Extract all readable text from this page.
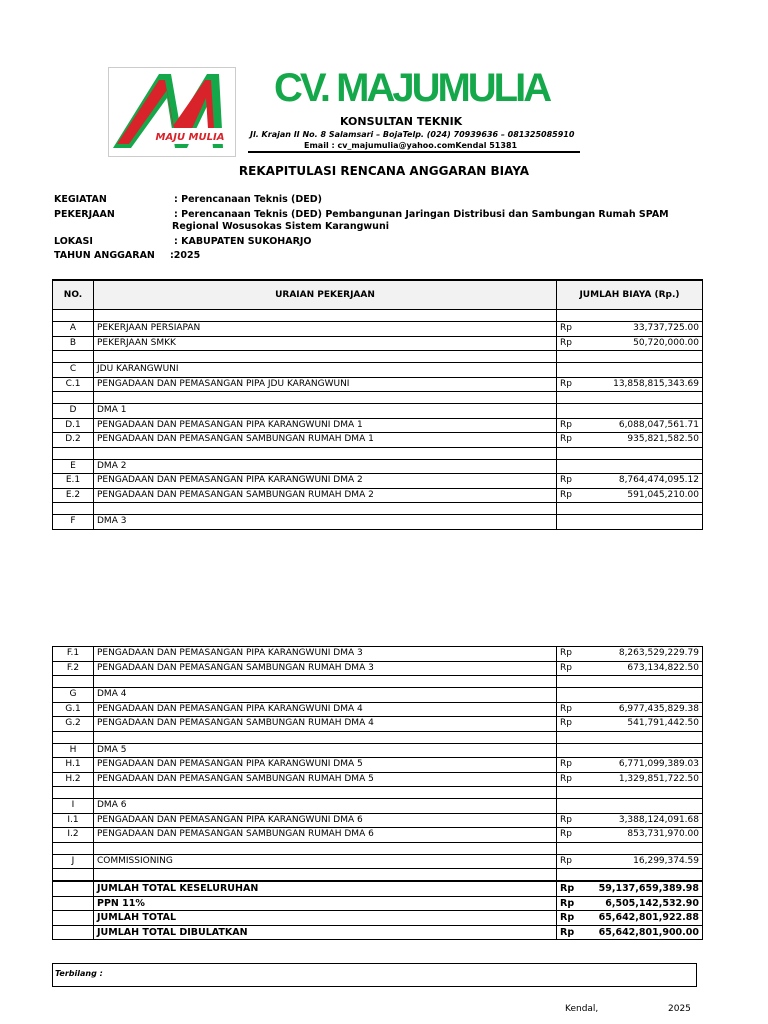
MAJU MULIA
CV. MAJUMULIA
KONSULTAN TEKNIK
Jl. Krajan II No. 8 Salamsari – BojaTelp. (024) 70939636 – 081325085910
Email : cv_majumulia@yahoo.comKendal 51381
REKAPITULASI RENCANA ANGGARAN BIAYA
KEGIATAN	: Perencanaan Teknis (DED)
PEKERJAAN	: Perencanaan Teknis (DED) Pembangunan Jaringan Distribusi dan Sambungan Rumah SPAM
Regional Wosusokas Sistem Karangwuni
LOKASI	: KABUPATEN SUKOHARJO
TAHUN ANGGARAN :2025
NO.	URAIAN PEKERJAAN	JUMLAH BIAYA (Rp.)	

A	PEKERJAAN PERSIAPAN	Rp	33,737,725.00
B	PEKERJAAN SMKK	Rp	50,720,000.00

C	JDU KARANGWUNI		
C.1	PENGADAAN DAN PEMASANGAN PIPA JDU KARANGWUNI	Rp	13,858,815,343.69

D	DMA 1		
D.1	PENGADAAN DAN PEMASANGAN PIPA KARANGWUNI DMA 1	Rp	6,088,047,561.71
D.2	PENGADAAN DAN PEMASANGAN SAMBUNGAN RUMAH DMA 1	Rp	935,821,582.50

E	DMA 2		
E.1	PENGADAAN DAN PEMASANGAN PIPA KARANGWUNI DMA 2	Rp	8,764,474,095.12
E.2	PENGADAAN DAN PEMASANGAN SAMBUNGAN RUMAH DMA 2	Rp	591,045,210.00

F	DMA 3		
F.1	PENGADAAN DAN PEMASANGAN PIPA KARANGWUNI DMA 3	Rp	8,263,529,229.79
F.2	PENGADAAN DAN PEMASANGAN SAMBUNGAN RUMAH DMA 3	Rp	673,134,822.50

G	DMA 4		
G.1	PENGADAAN DAN PEMASANGAN PIPA KARANGWUNI DMA 4	Rp	6,977,435,829.38
G.2	PENGADAAN DAN PEMASANGAN SAMBUNGAN RUMAH DMA 4	Rp	541,791,442.50

H	DMA 5		
H.1	PENGADAAN DAN PEMASANGAN PIPA KARANGWUNI DMA 5	Rp	6,771,099,389.03
H.2	PENGADAAN DAN PEMASANGAN SAMBUNGAN RUMAH DMA 5	Rp	1,329,851,722.50

I	DMA 6		
I.1	PENGADAAN DAN PEMASANGAN PIPA KARANGWUNI DMA 6	Rp	3,388,124,091.68
I.2	PENGADAAN DAN PEMASANGAN SAMBUNGAN RUMAH DMA 6	Rp	853,731,970.00

J	COMMISSIONING	Rp	16,299,374.59

	JUMLAH TOTAL KESELURUHAN	Rp	59,137,659,389.98
	PPN 11%	Rp	6,505,142,532.90
	JUMLAH TOTAL	Rp	65,642,801,922.88
	JUMLAH TOTAL DIBULATKAN	Rp	65,642,801,900.00
Terbilang :
Kendal,	2025
